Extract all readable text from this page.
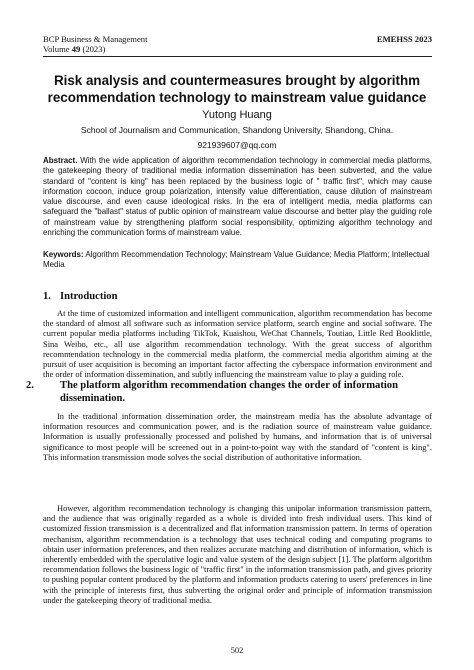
BCP Business & Management
Volume 49 (2023)
EMEHSS 2023
Risk analysis and countermeasures brought by algorithm recommendation technology to mainstream value guidance
Yutong Huang
School of Journalism and Communication, Shandong University, Shandong, China.
921939607@qq.com
Abstract. With the wide application of algorithm recommendation technology in commercial media platforms, the gatekeeping theory of traditional media information dissemination has been subverted, and the value standard of "content is king" has been replaced by the business logic of " traffic first", which may cause information cocoon, induce group polarization, intensify value differentiation, cause dilution of mainstream value discourse, and even cause ideological risks. In the era of intelligent media, media platforms can safeguard the "ballast" status of public opinion of mainstream value discourse and better play the guiding role of mainstream value by strengthening platform social responsibility, optimizing algorithm technology and enriching the communication forms of mainstream value.
Keywords: Algorithm Recommendation Technology; Mainstream Value Guidance; Media Platform; Intellectual Media
1. Introduction
At the time of customized information and intelligent communication, algorithm recommendation has become the standard of almost all software such as information service platform, search engine and social software. The current popular media platforms including TikTok, Kuaishou, WeChat Channels, Toutiao, Little Red Booklittle, Sina Weibo, etc., all use algorithm recommendation technology. With the great success of algorithm recommendation technology in the commercial media platform, the commercial media algorithm aiming at the pursuit of user acquisition is becoming an important factor affecting the cyberspace information environment and the order of information dissemination, and subtly influencing the mainstream value to play a guiding role.
2. The platform algorithm recommendation changes the order of information dissemination.
In the traditional information dissemination order, the mainstream media has the absolute advantage of information resources and communication power, and is the radiation source of mainstream value guidance. Information is usually professionally processed and polished by humans, and information that is of universal significance to most people will be screened out in a point-to-point way with the standard of "content is king". This information transmission mode solves the social distribution of authoritative information.
However, algorithm recommendation technology is changing this unipolar information transmission pattern, and the audience that was originally regarded as a whole is divided into fresh individual users. This kind of customized fission transmission is a decentralized and flat information transmission pattern. In terms of operation mechanism, algorithm recommendation is a technology that uses technical coding and computing programs to obtain user information preferences, and then realizes accurate matching and distribution of information, which is inherently embedded with the speculative logic and value system of the design subject [1]. The platform algorithm recommendation follows the business logic of "traffic first" in the information transmission path, and gives priority to pushing popular content produced by the platform and information products catering to users' preferences in line with the principle of interests first, thus subverting the original order and principle of information transmission under the gatekeeping theory of traditional media.
502
